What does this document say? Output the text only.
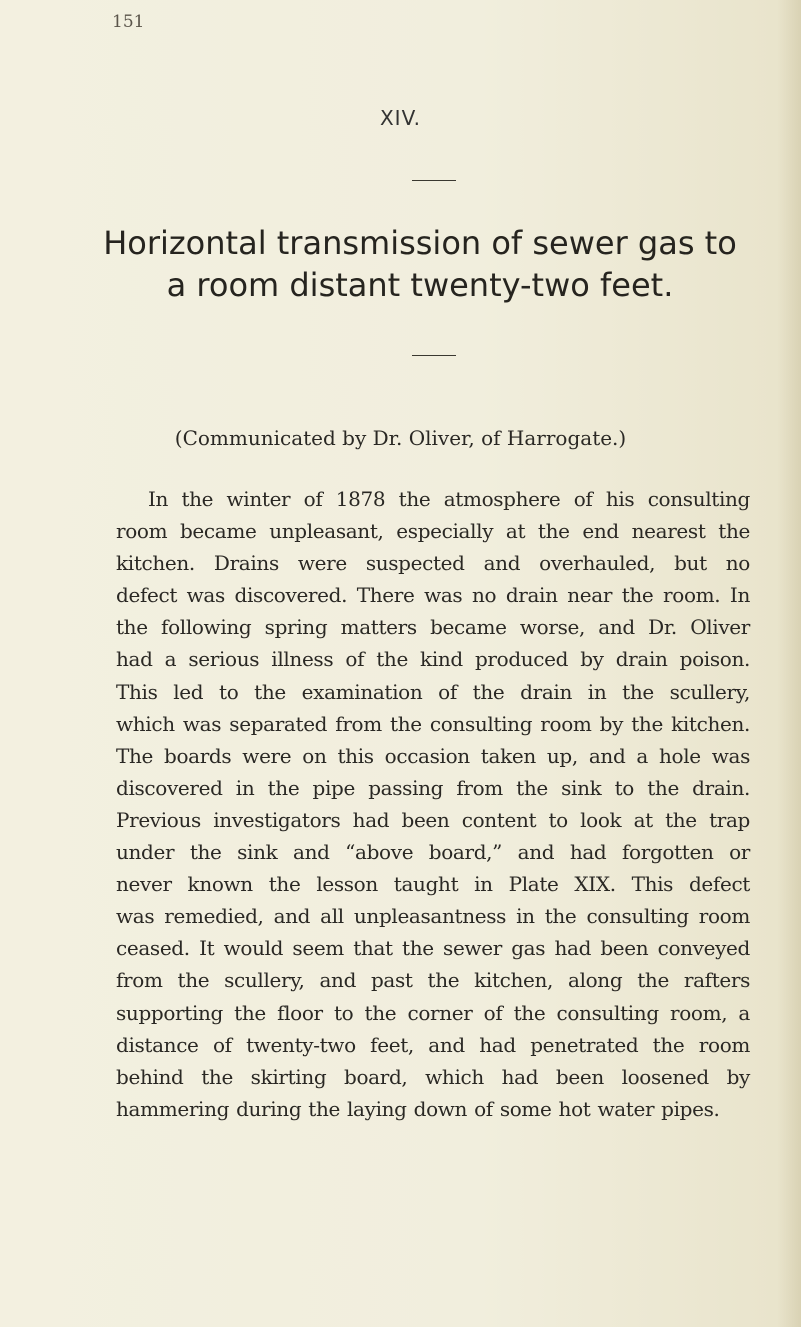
151
XIV.
Horizontal transmission of sewer gas to
a room distant twenty-two feet.
(Communicated by Dr. Oliver, of Harrogate.)
In the winter of 1878 the atmosphere of his consulting
room became unpleasant, especially at the end nearest the
kitchen. Drains were suspected and overhauled, but no
defect was discovered. There was no drain near the room. In
the following spring matters became worse, and Dr. Oliver
had a serious illness of the kind produced by drain poison.
This led to the examination of the drain in the scullery,
which was separated from the consulting room by the kitchen.
The boards were on this occasion taken up, and a hole was
discovered in the pipe passing from the sink to the drain.
Previous investigators had been content to look at the trap
under the sink and “above board,” and had forgotten or
never known the lesson taught in Plate XIX. This defect
was remedied, and all unpleasantness in the consulting room
ceased. It would seem that the sewer gas had been conveyed
from the scullery, and past the kitchen, along the rafters
supporting the floor to the corner of the consulting room, a
distance of twenty-two feet, and had penetrated the room
behind the skirting board, which had been loosened by
hammering during the laying down of some hot water pipes.
